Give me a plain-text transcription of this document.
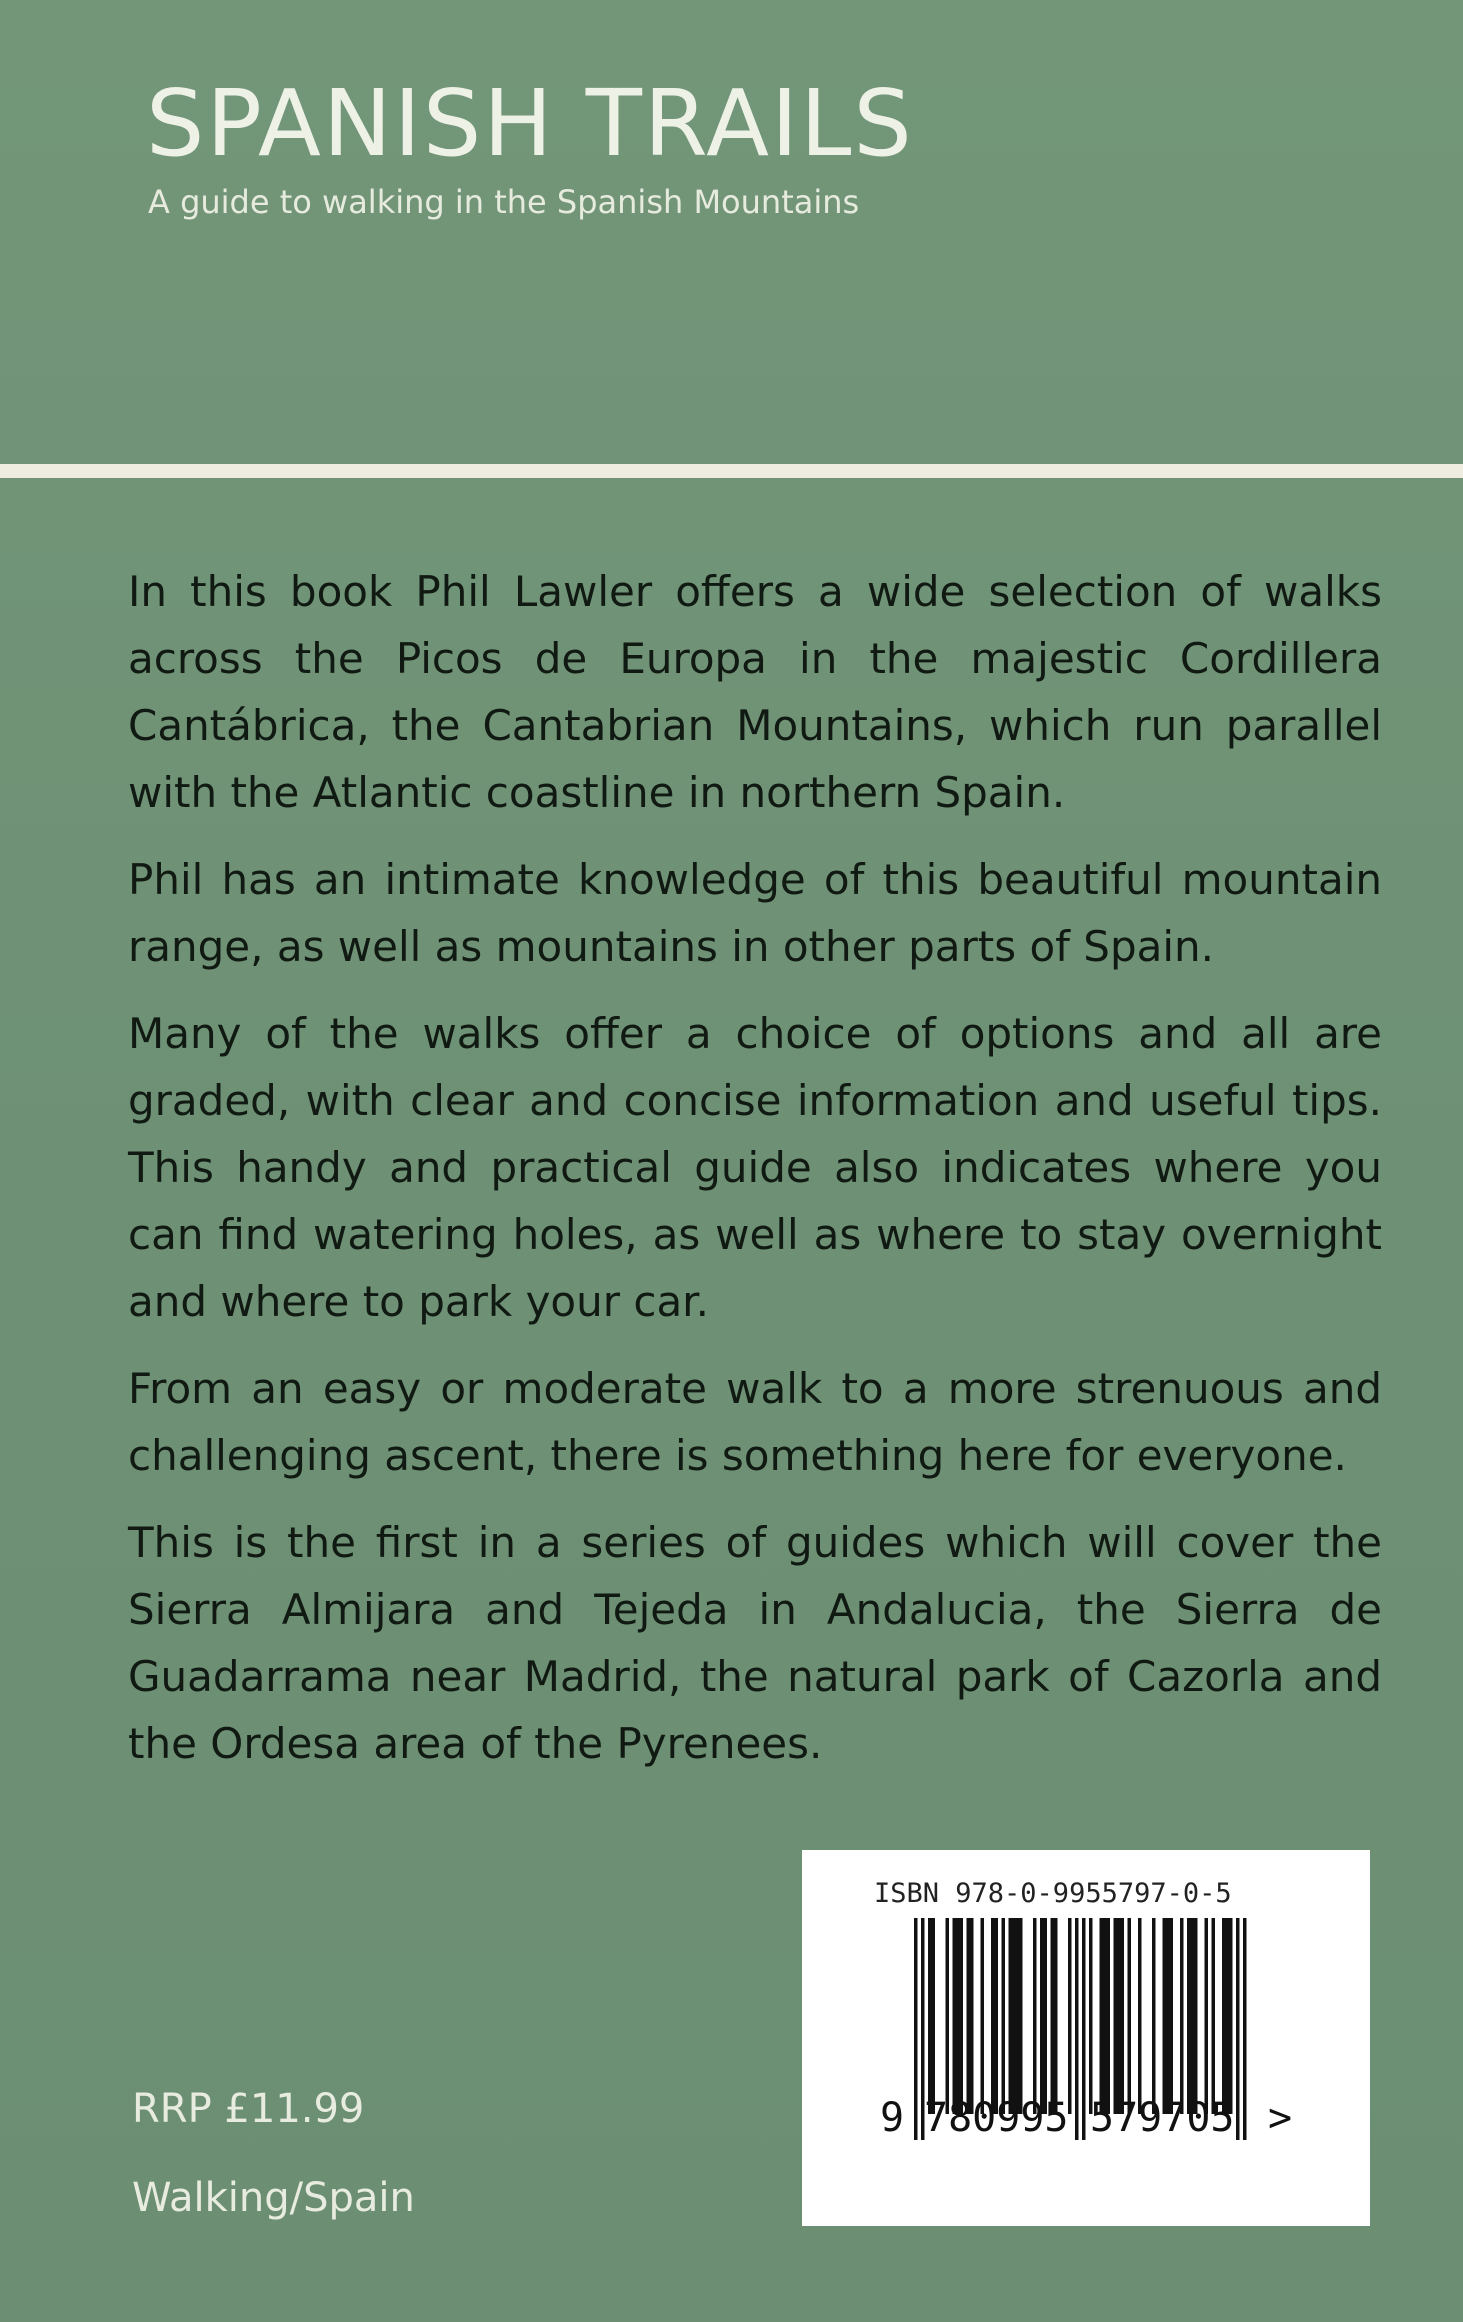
SPANISH TRAILS
A guide to walking in the Spanish Mountains

In this book Phil Lawler offers a wide selection of walks across the Picos de Europa in the majestic Cordillera Cantábrica, the Cantabrian Mountains, which run parallel with the Atlantic coastline in northern Spain.

Phil has an intimate knowledge of this beautiful mountain range, as well as mountains in other parts of Spain.

Many of the walks offer a choice of options and all are graded, with clear and concise information and useful tips. This handy and practical guide also indicates where you can find watering holes, as well as where to stay overnight and where to park your car.

From an easy or moderate walk to a more strenuous and challenging ascent, there is something here for everyone.

This is the first in a series of guides which will cover the Sierra Almijara and Tejeda in Andalucia, the Sierra de Guadarrama near Madrid, the natural park of Cazorla and the Ordesa area of the Pyrenees.

ISBN 978-0-9955797-0-5
9 780995 579705 >
RRP £11.99
Walking/Spain
